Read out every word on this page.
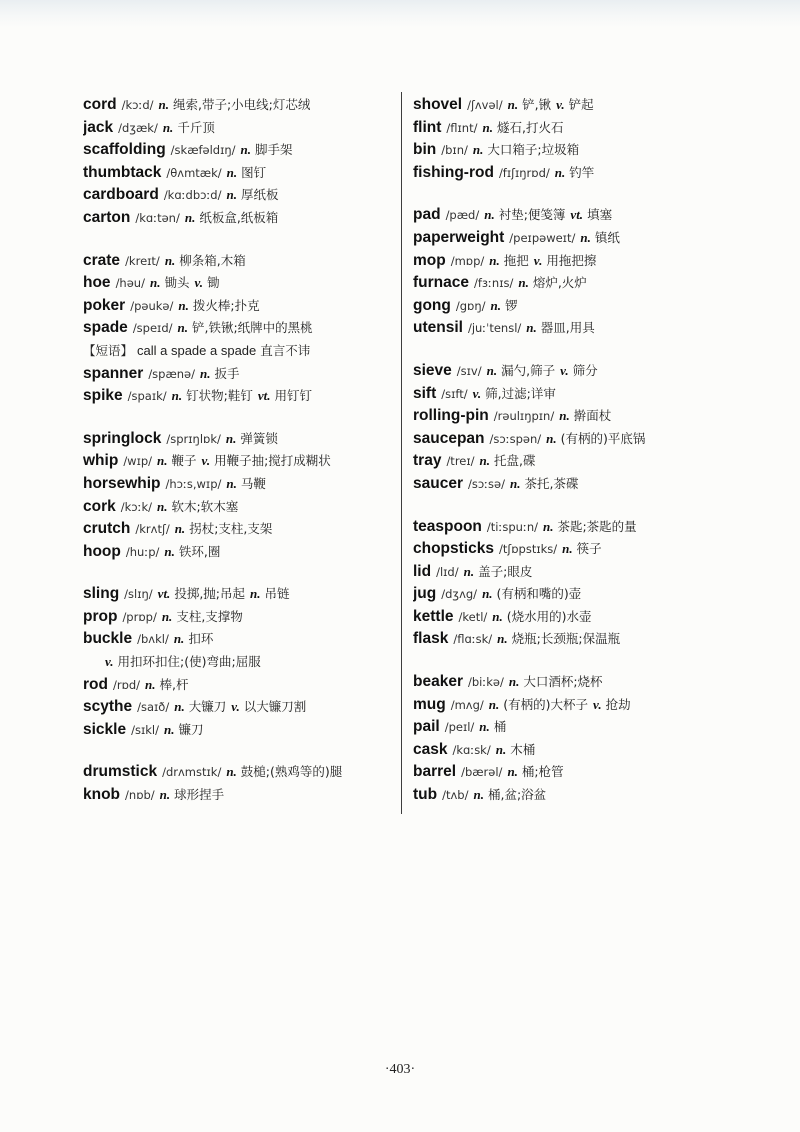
cord /kɔːd/ n. 绳索,带子;小电线;灯芯绒
jack /dʒæk/ n. 千斤顶
scaffolding /skæfəldɪŋ/ n. 脚手架
thumbtack /θʌmtæk/ n. 图钉
cardboard /kɑːdbɔːd/ n. 厚纸板
carton /kɑːtən/ n. 纸板盒,纸板箱
crate /kreɪt/ n. 柳条箱,木箱
hoe /həu/ n. 锄头 v. 锄
poker /pəukə/ n. 拨火棒;扑克
spade /speɪd/ n. 铲,铁锹;纸牌中的黑桃
【短语】 call a spade a spade 直言不讳
spanner /spænə/ n. 扳手
spike /spaɪk/ n. 钉状物;鞋钉 vt. 用钉钉
springlock /sprɪŋlɒk/ n. 弹簧锁
whip /wɪp/ n. 鞭子 v. 用鞭子抽;搅打成糊状
horsewhip /hɔːs,wɪp/ n. 马鞭
cork /kɔːk/ n. 软木;软木塞
crutch /krʌtʃ/ n. 拐杖;支柱,支架
hoop /huːp/ n. 铁环,圈
sling /slɪŋ/ vt. 投掷,抛;吊起 n. 吊链
prop /prɒp/ n. 支柱,支撑物
buckle /bʌkl/ n. 扣环
v. 用扣环扣住;(使)弯曲;屈服
rod /rɒd/ n. 棒,杆
scythe /saɪð/ n. 大镰刀 v. 以大镰刀割
sickle /sɪkl/ n. 镰刀
drumstick /drʌmstɪk/ n. 鼓槌;(熟鸡等的)腿
knob /nɒb/ n. 球形捏手
shovel /ʃʌvəl/ n. 铲,锹 v. 铲起
flint /flɪnt/ n. 燧石,打火石
bin /bɪn/ n. 大口箱子;垃圾箱
fishing-rod /fɪʃɪŋrɒd/ n. 钓竿
pad /pæd/ n. 衬垫;便笺簿 vt. 填塞
paperweight /peɪpəweɪt/ n. 镇纸
mop /mɒp/ n. 拖把 v. 用拖把擦
furnace /fɜːnɪs/ n. 熔炉,火炉
gong /gɒŋ/ n. 锣
utensil /juːˈtensl/ n. 器皿,用具
sieve /sɪv/ n. 漏勺,筛子 v. 筛分
sift /sɪft/ v. 筛,过滤;详审
rolling-pin /rəulɪŋpɪn/ n. 擀面杖
saucepan /sɔːspən/ n. (有柄的)平底锅
tray /treɪ/ n. 托盘,碟
saucer /sɔːsə/ n. 茶托,茶碟
teaspoon /tiːspuːn/ n. 茶匙;茶匙的量
chopsticks /tʃɒpstɪks/ n. 筷子
lid /lɪd/ n. 盖子;眼皮
jug /dʒʌg/ n. (有柄和嘴的)壶
kettle /ketl/ n. (烧水用的)水壶
flask /flɑːsk/ n. 烧瓶;长颈瓶;保温瓶
beaker /biːkə/ n. 大口酒杯;烧杯
mug /mʌg/ n. (有柄的)大杯子 v. 抢劫
pail /peɪl/ n. 桶
cask /kɑːsk/ n. 木桶
barrel /bærəl/ n. 桶;枪管
tub /tʌb/ n. 桶,盆;浴盆
·403·
